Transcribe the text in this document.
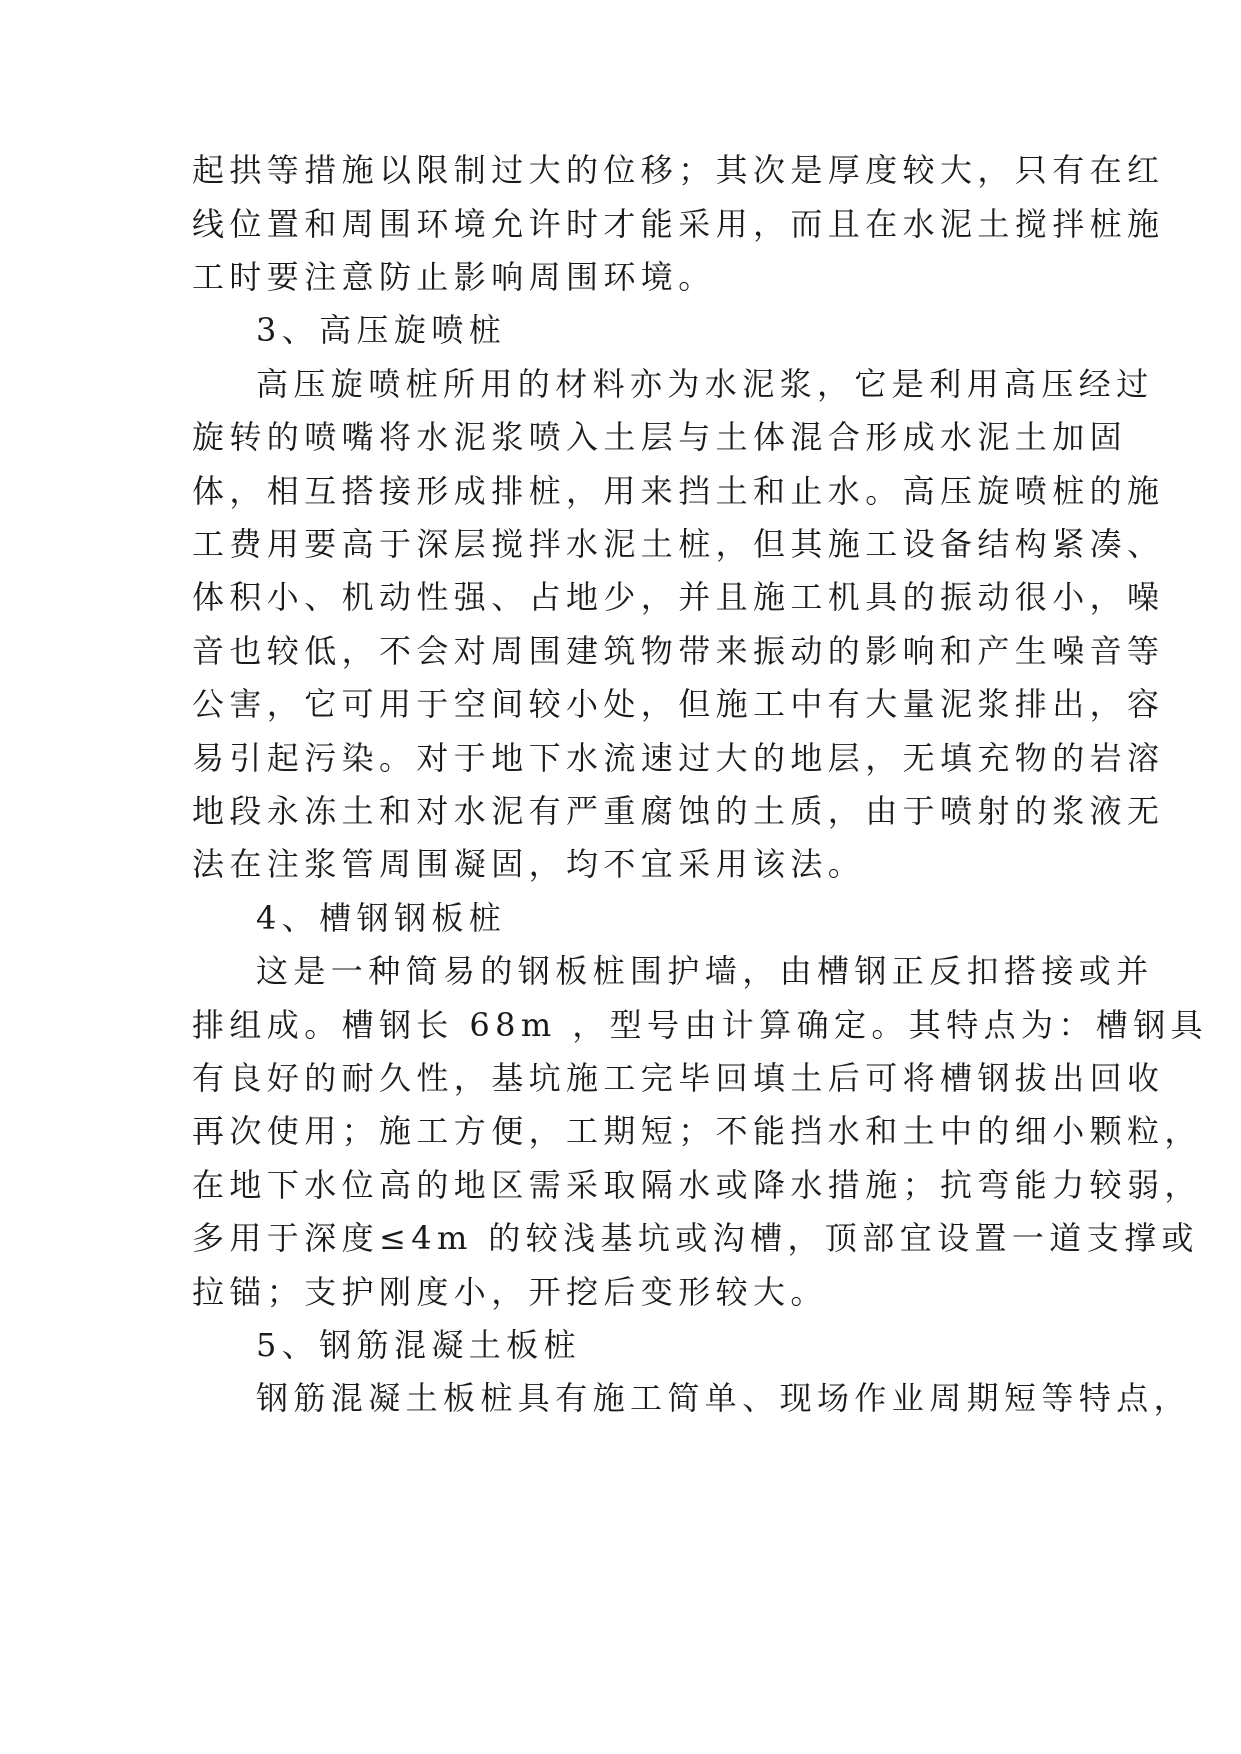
起拱等措施以限制过大的位移；其次是厚度较大，只有在红
线位置和周围环境允许时才能采用，而且在水泥土搅拌桩施
工时要注意防止影响周围环境。
3、高压旋喷桩
高压旋喷桩所用的材料亦为水泥浆，它是利用高压经过
旋转的喷嘴将水泥浆喷入土层与土体混合形成水泥土加固
体，相互搭接形成排桩，用来挡土和止水。高压旋喷桩的施
工费用要高于深层搅拌水泥土桩，但其施工设备结构紧凑、
体积小、机动性强、占地少，并且施工机具的振动很小，噪
音也较低，不会对周围建筑物带来振动的影响和产生噪音等
公害，它可用于空间较小处，但施工中有大量泥浆排出，容
易引起污染。对于地下水流速过大的地层，无填充物的岩溶
地段永冻土和对水泥有严重腐蚀的土质，由于喷射的浆液无
法在注浆管周围凝固，均不宜采用该法。
4、槽钢钢板桩
这是一种简易的钢板桩围护墙，由槽钢正反扣搭接或并
排组成。槽钢长 68m ，型号由计算确定。其特点为：槽钢具
有良好的耐久性，基坑施工完毕回填土后可将槽钢拔出回收
再次使用；施工方便，工期短；不能挡水和土中的细小颗粒，
在地下水位高的地区需采取隔水或降水措施；抗弯能力较弱，
多用于深度≤4m 的较浅基坑或沟槽，顶部宜设置一道支撑或
拉锚；支护刚度小，开挖后变形较大。
5、钢筋混凝土板桩
钢筋混凝土板桩具有施工简单、现场作业周期短等特点，
